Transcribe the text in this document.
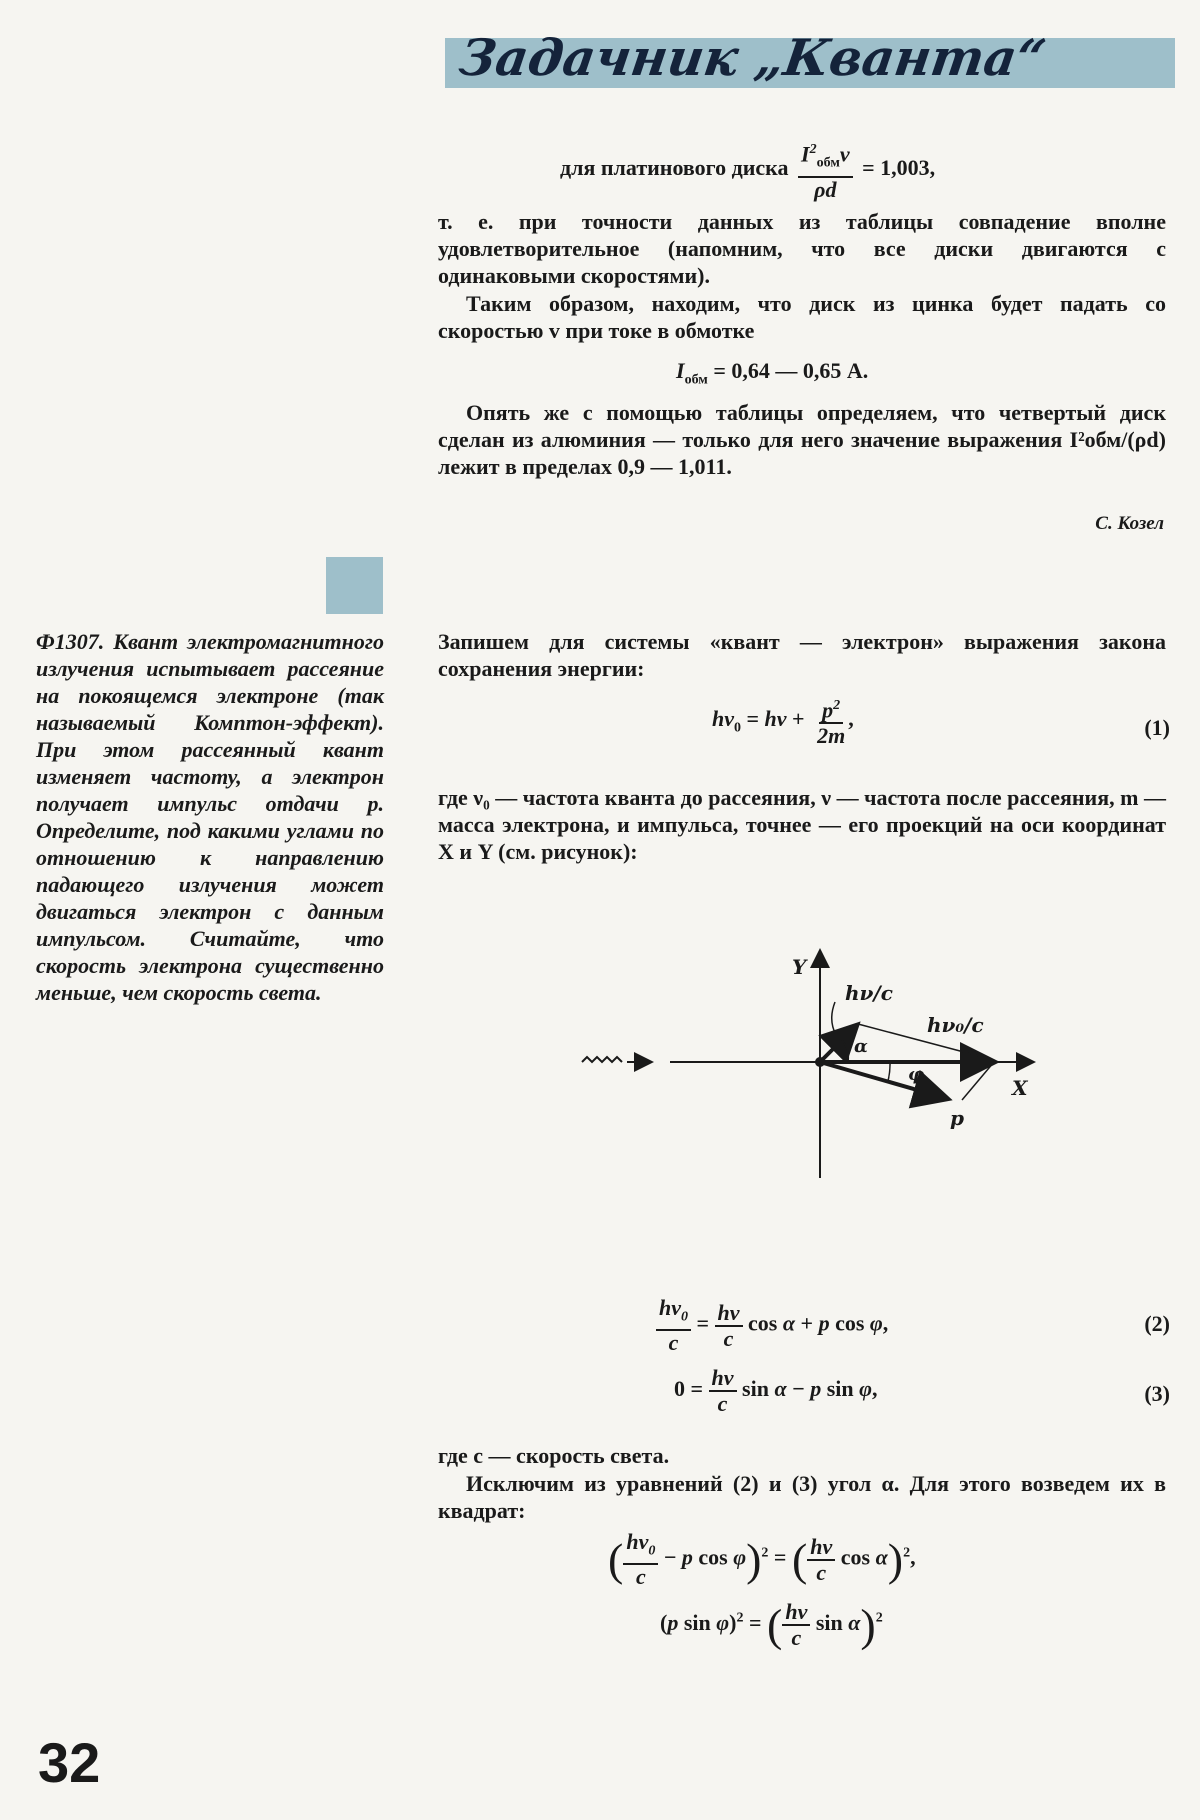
Задачник „Кванта“
для платинового диска $\frac{I^2_{обм}v}{\rho d} = 1,003$,
т. е. при точности данных из таблицы совпадение вполне удовлетворительное (напомним, что все диски двигаются с одинаковыми скоростями).
Таким образом, находим, что диск из цинка будет падать со скоростью v при токе в обмотке
$I_{обм} = 0,64$ — 0,65 А.
Опять же с помощью таблицы определяем, что четвертый диск сделан из алюминия — только для него значение выражения I²обм/(ρd) лежит в пределах 0,9 — 1,011.
С. Козел
Ф1307. Квант электромагнитного излучения испытывает рассеяние на покоящемся электроне (так называемый Комптон-эффект). При этом рассеянный квант изменяет частоту, а электрон получает импульс отдачи p. Определите, под какими углами по отношению к направлению падающего излучения может двигаться электрон с данным импульсом. Считайте, что скорость электрона существенно меньше, чем скорость света.
Запишем для системы «квант — электрон» выражения закона сохранения энергии:
$h\nu_0 = h\nu + \frac{p^2}{2m}$ ,	(1)
где ν₀ — частота кванта до рассеяния, ν — частота после рассеяния, m — масса электрона, и импульса, точнее — его проекций на оси координат X и Y (см. рисунок):
Y
X
hν/c
hν₀/c
p
α
φ
$\frac{h\nu_0}{c} = \frac{h\nu}{c}$ cos α + p cos φ,	(2)
$0 = \frac{h\nu}{c}$ sin α − p sin φ,	(3)
где c — скорость света.
Исключим из уравнений (2) и (3) угол α. Для этого возведем их в квадрат:
( $\frac{h\nu_0}{c} - p$ cos φ)$^2$ = ( $\frac{h\nu}{c}$ cos α)$^2$,
(p sin φ)$^2$ = ( $\frac{h\nu}{c}$ sin α)$^2$
32
